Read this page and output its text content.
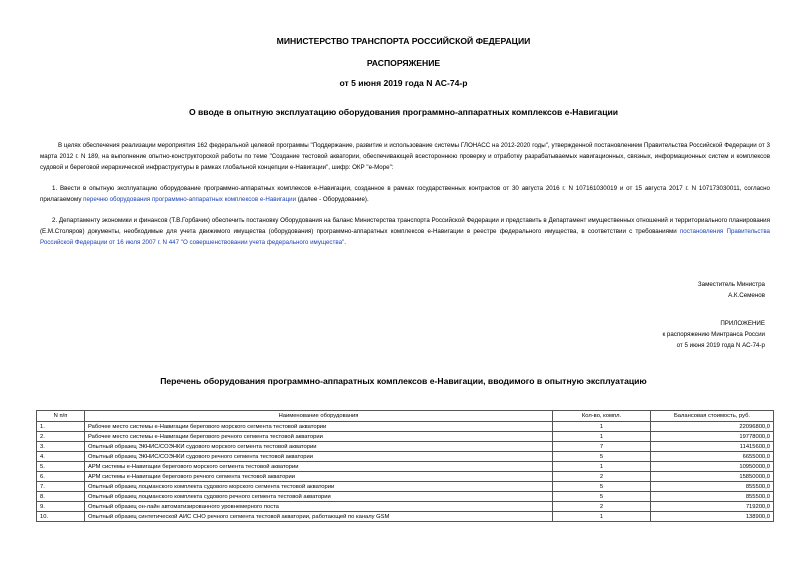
МИНИСТЕРСТВО ТРАНСПОРТА РОССИЙСКОЙ ФЕДЕРАЦИИ
РАСПОРЯЖЕНИЕ
от 5 июня 2019 года N АС-74-р
О вводе в опытную эксплуатацию оборудования программно-аппаратных комплексов е-Навигации
В целях обеспечения реализации мероприятия 162 федеральной целевой программы "Поддержание, развитие и использование системы ГЛОНАСС на 2012-2020 годы", утвержденной постановлением Правительства Российской Федерации от 3 марта 2012 г. N 189, на выполнение опытно-конструкторской работы по теме "Создание тестовой акватории, обеспечивающей всестороннюю проверку и отработку разрабатываемых навигационных, связных, информационных систем и комплексов судовой и береговой иерархической инфраструктуры в рамках глобальной концепции е-Навигации", шифр: ОКР "е-Море":
1. Ввести в опытную эксплуатацию оборудование программно-аппаратных комплексов е-Навигации, созданное в рамках государственных контрактов от 30 августа 2016 г. N 107161030019 и от 15 августа 2017 г. N 107173030011, согласно прилагаемому перечню оборудования программно-аппаратных комплексов е-Навигации (далее - Оборудование).
2. Департаменту экономики и финансов (Т.В.Горбачик) обеспечить постановку Оборудования на баланс Министерства транспорта Российской Федерации и представить в Департамент имущественных отношений и территориального планирования (Е.М.Столяров) документы, необходимые для учета движимого имущества (оборудования) программно-аппаратных комплексов е-Навигации в реестре федерального имущества, в соответствии с требованиями постановления Правительства Российской Федерации от 16 июля 2007 г. N 447 "О совершенствовании учета федерального имущества".
Заместитель Министра
А.К.Семенов
ПРИЛОЖЕНИЕ
к распоряжению Минтранса России
от 5 июня 2019 года N АС-74-р
Перечень оборудования программно-аппаратных комплексов е-Навигации, вводимого в опытную эксплуатацию
N п/п	Наименование оборудования	Кол-во, компл.	Балансовая стоимость, руб.
1.	Рабочее место системы е-Навигации берегового морского сегмента тестовой акватории	1	22096800,0
2.	Рабочее место системы е-Навигации берегового речного сегмента тестовой акватории	1	19778000,0
3.	Опытный образец ЭКНИС/СОЭНКИ судового морского сегмента тестовой акватории	7	11415600,0
4.	Опытный образец ЭКНИС/СОЭНКИ судового речного сегмента тестовой акватории	5	6655000,0
5.	АРМ системы е-Навигации берегового морского сегмента тестовой акватории	1	10950000,0
6.	АРМ системы е-Навигации берегового речного сегмента тестовой акватории	2	15850000,0
7.	Опытный образец лоцманского комплекта судового морского сегмента тестовой акватории	5	855500,0
8.	Опытный образец лоцманского комплекта судового речного сегмента тестовой акватории	5	855500,0
9.	Опытный образец он-лайн автоматизированного уровнемерного поста	2	719200,0
10.	Опытный образец синтетической АИС СНО речного сегмента тестовой акватории, работающей по каналу GSM	1	138900,0
